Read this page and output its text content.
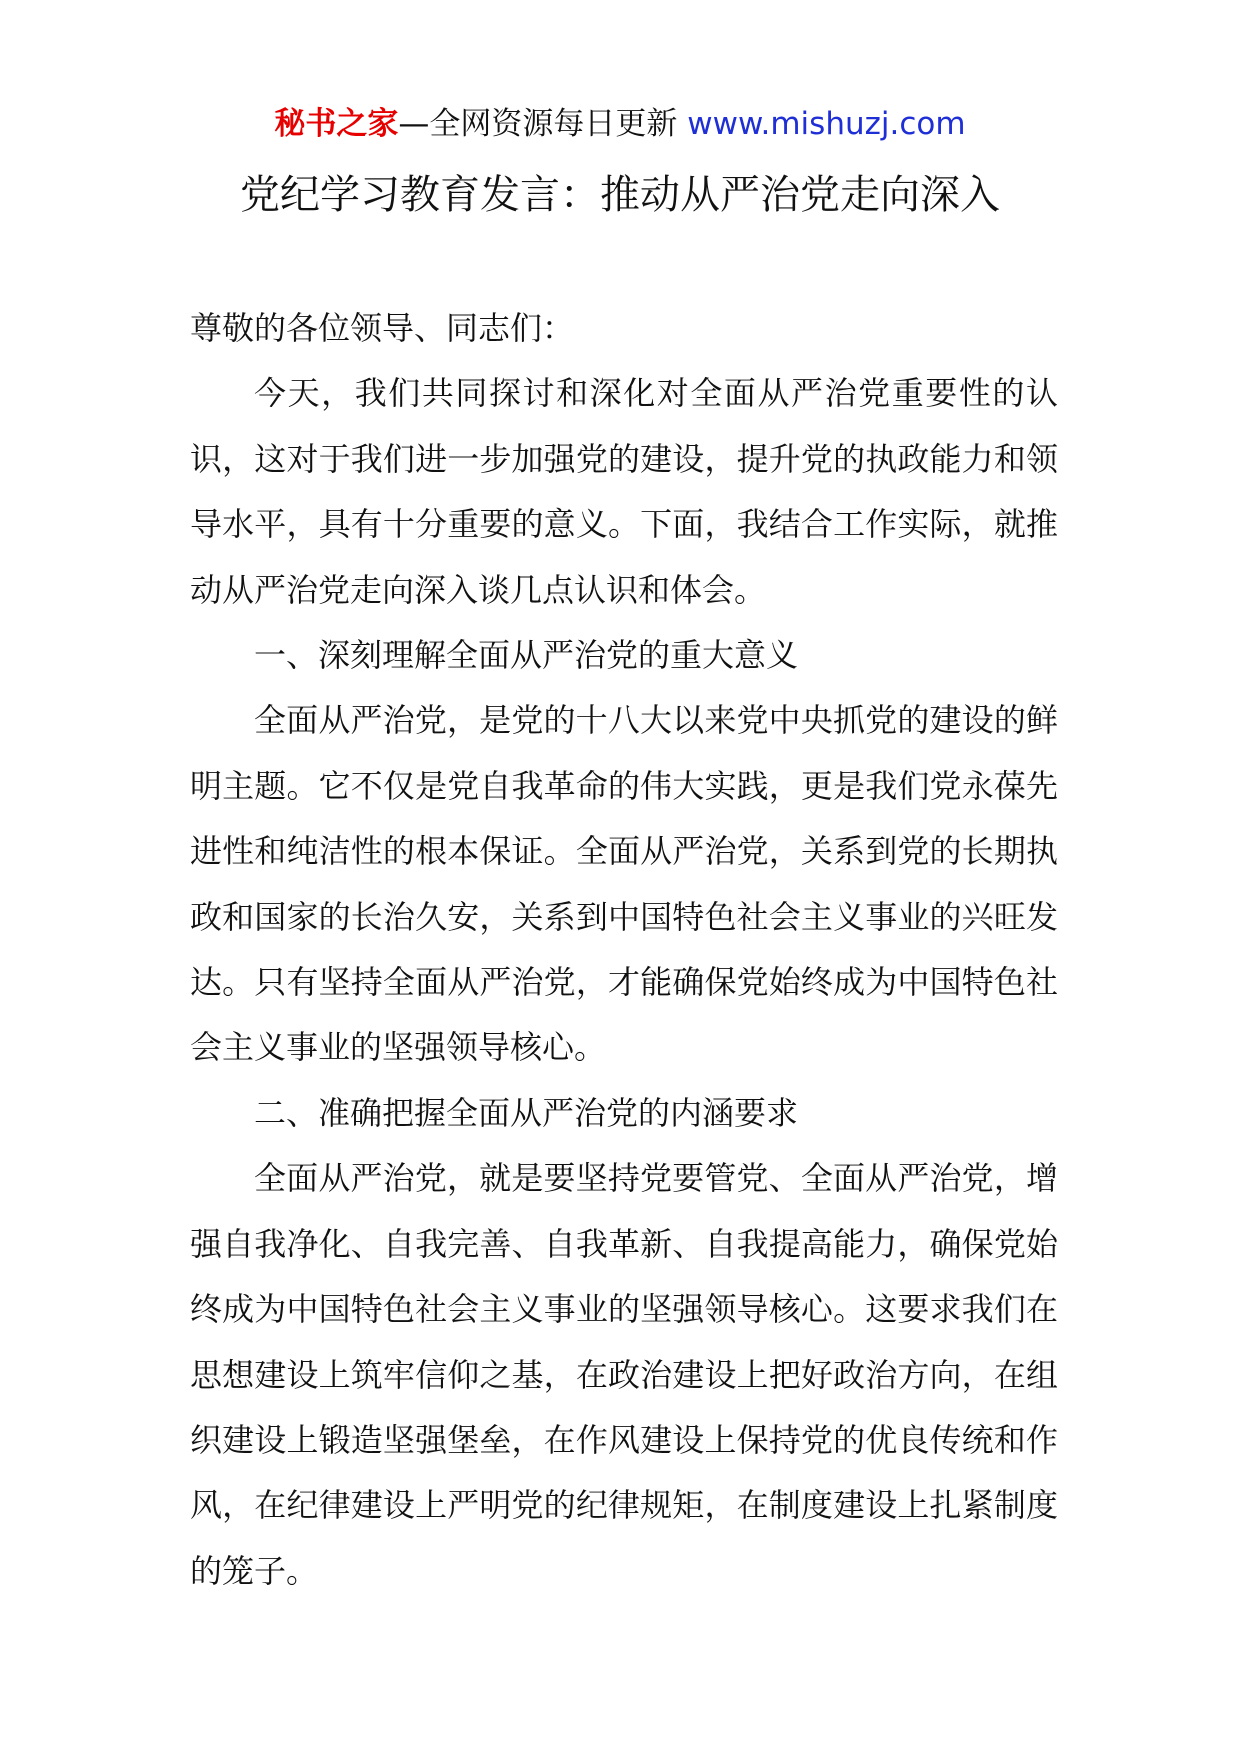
秘书之家—全网资源每日更新 www.mishuzj.com
党纪学习教育发言：推动从严治党走向深入

尊敬的各位领导、同志们：

今天，我们共同探讨和深化对全面从严治党重要性的认识，这对于我们进一步加强党的建设，提升党的执政能力和领导水平，具有十分重要的意义。下面，我结合工作实际，就推动从严治党走向深入谈几点认识和体会。

一、深刻理解全面从严治党的重大意义

全面从严治党，是党的十八大以来党中央抓党的建设的鲜明主题。它不仅是党自我革命的伟大实践，更是我们党永葆先进性和纯洁性的根本保证。全面从严治党，关系到党的长期执政和国家的长治久安，关系到中国特色社会主义事业的兴旺发达。只有坚持全面从严治党，才能确保党始终成为中国特色社会主义事业的坚强领导核心。

二、准确把握全面从严治党的内涵要求

全面从严治党，就是要坚持党要管党、全面从严治党，增强自我净化、自我完善、自我革新、自我提高能力，确保党始终成为中国特色社会主义事业的坚强领导核心。这要求我们在思想建设上筑牢信仰之基，在政治建设上把好政治方向，在组织建设上锻造坚强堡垒，在作风建设上保持党的优良传统和作风，在纪律建设上严明党的纪律规矩，在制度建设上扎紧制度的笼子。
